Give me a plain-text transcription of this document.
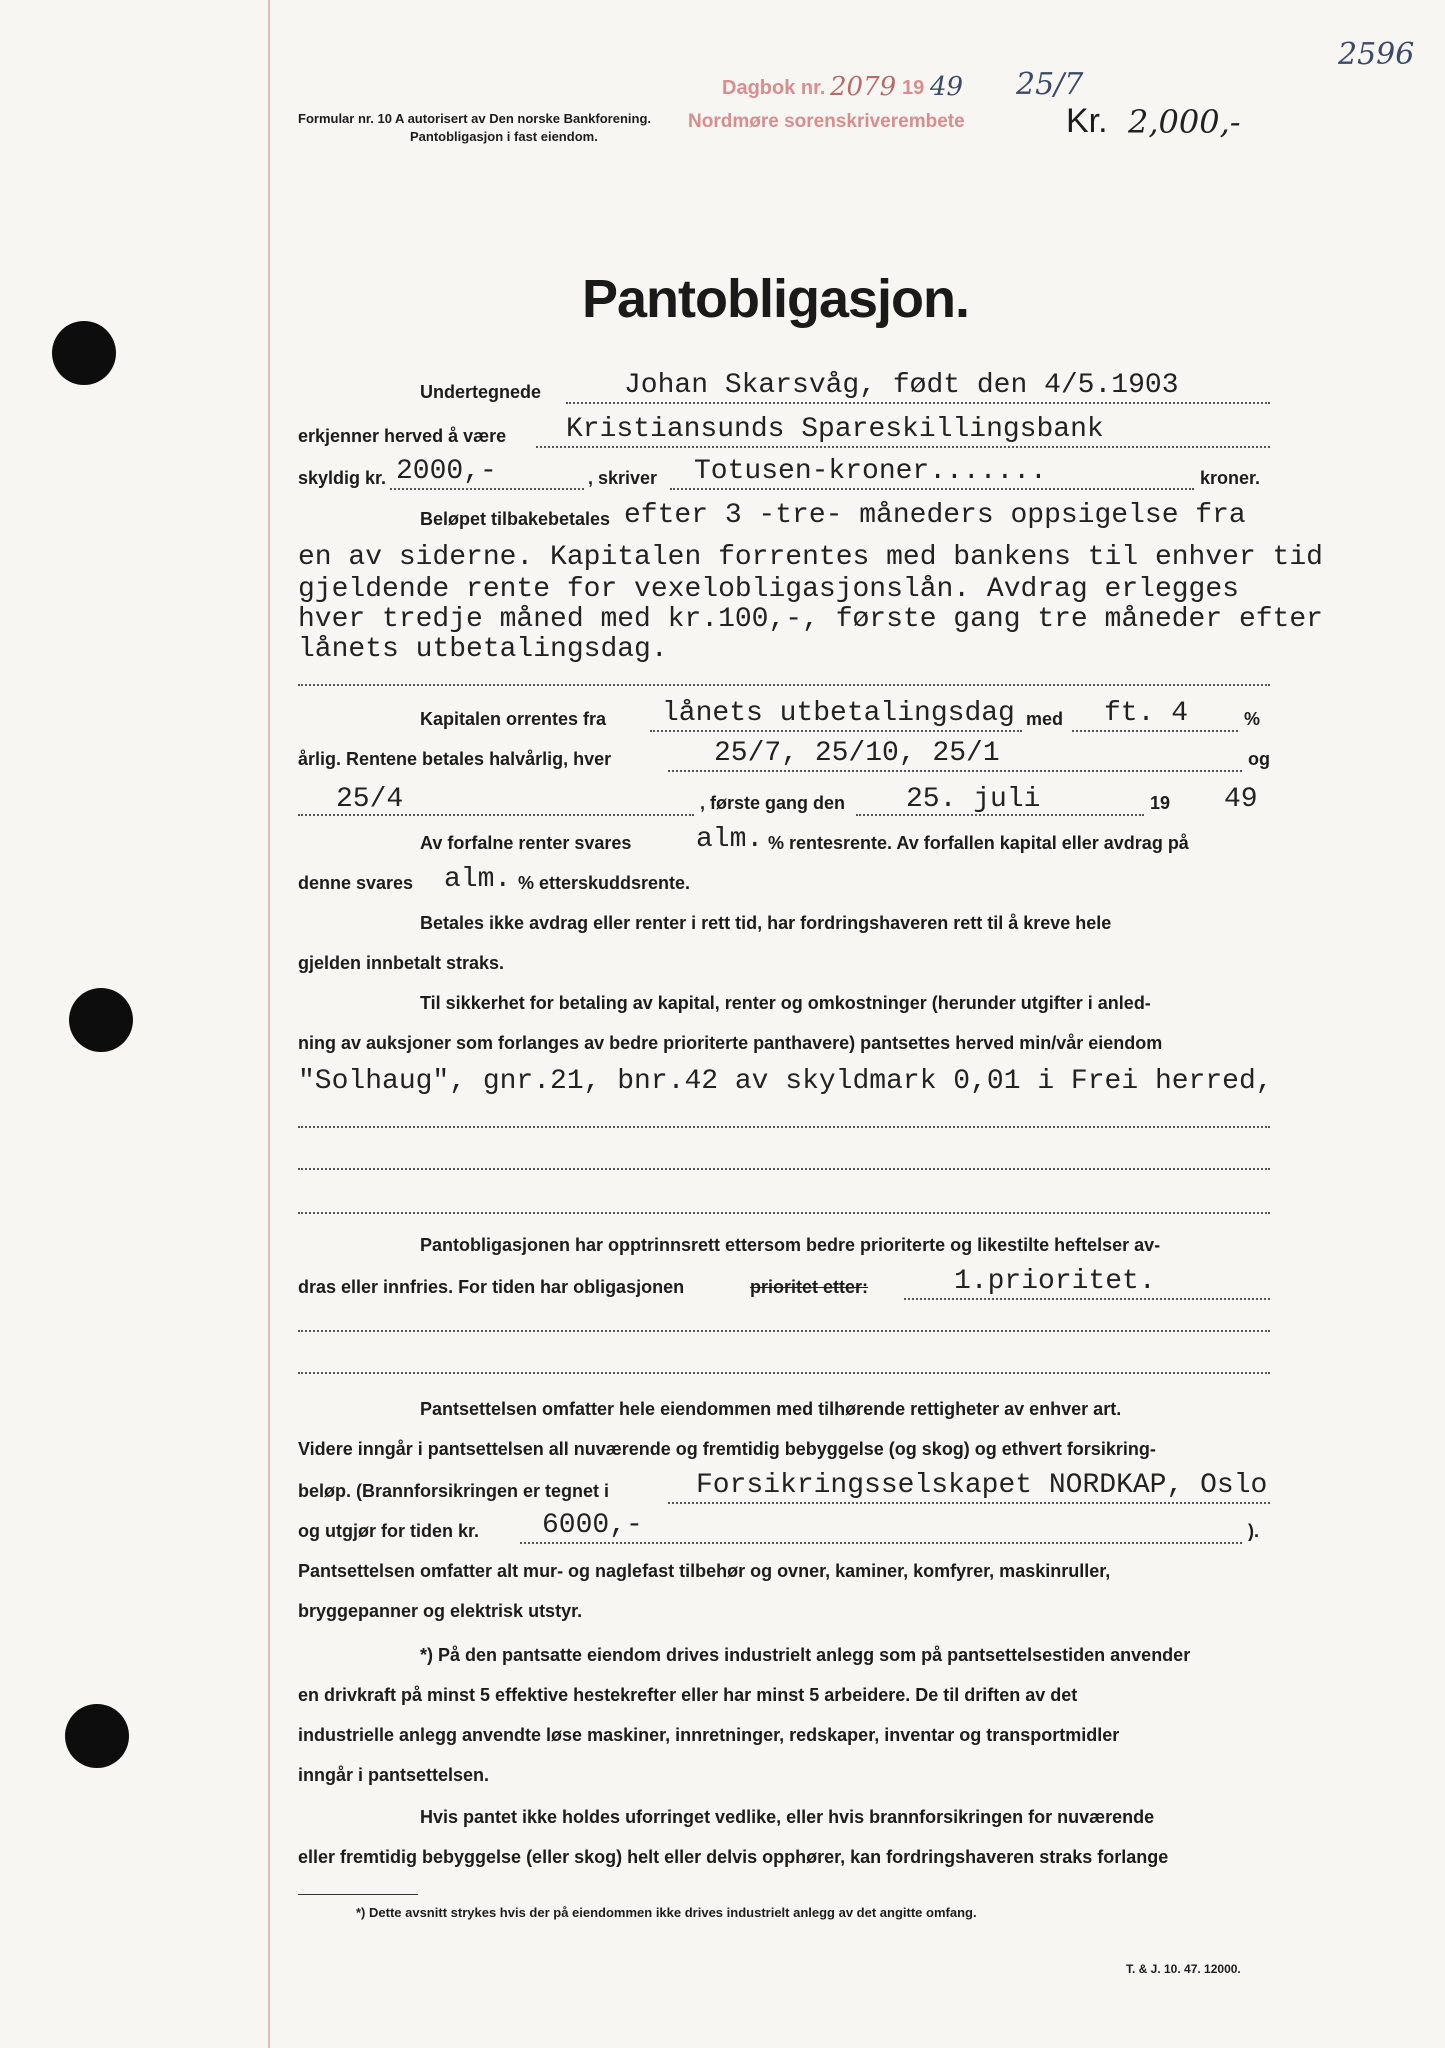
Formular nr. 10 A autorisert av Den norske Bankforening.
Pantobligasjon i fast eiendom.
Dagbok nr. 2079 19 49 25/7
Nordmøre sorenskriverembete	Kr. 2,000,-
2596
Pantobligasjon.
Undertegnede	Johan Skarsvåg, født den 4/5.1903
erkjenner herved å være Kristiansunds Spareskillingsbank
skyldig kr. 2000,-	, skriver Totusen-kroner.......	kroner.
Beløpet tilbakebetales efter 3 -tre- måneders oppsigelse fra
en av siderne. Kapitalen forrentes med bankens til enhver tid
gjeldende rente for vexelobligasjonslån. Avdrag erlegges
hver tredje måned med kr.100,-, første gang tre måneder efter
lånets utbetalingsdag.
Kapitalen orrentes fra lånets utbetalingsdag med ft. 4	%
årlig. Rentene betales halvårlig, hver	25/7, 25/10, 25/1	og
25/4	, første gang den 25. juli	19 49
Av forfalne renter svares alm. % rentesrente. Av forfallen kapital eller avdrag på
denne svares alm. % etterskuddsrente.
Betales ikke avdrag eller renter i rett tid, har fordringshaveren rett til å kreve hele
gjelden innbetalt straks.
Til sikkerhet for betaling av kapital, renter og omkostninger (herunder utgifter i anled-
ning av auksjoner som forlanges av bedre prioriterte panthavere) pantsettes herved min/vår eiendom
"Solhaug", gnr.21, bnr.42 av skyldmark 0,01 i Frei herred,
Pantobligasjonen har opptrinnsrett ettersom bedre prioriterte og likestilte heftelser av-
dras eller innfries. For tiden har obligasjonen	prioritet etter:	1.prioritet.
Pantsettelsen omfatter hele eiendommen med tilhørende rettigheter av enhver art.
Videre inngår i pantsettelsen all nuværende og fremtidig bebyggelse (og skog) og ethvert forsikring-
beløp. (Brannforsikringen er tegnet i	Forsikringsselskapet NORDKAP, Oslo
og utgjør for tiden kr. 6000,-	).
Pantsettelsen omfatter alt mur- og naglefast tilbehør og ovner, kaminer, komfyrer, maskinruller,
bryggepanner og elektrisk utstyr.
*) På den pantsatte eiendom drives industrielt anlegg som på pantsettelsestiden anvender
en drivkraft på minst 5 effektive hestekrefter eller har minst 5 arbeidere. De til driften av det
industrielle anlegg anvendte løse maskiner, innretninger, redskaper, inventar og transportmidler
inngår i pantsettelsen.
Hvis pantet ikke holdes uforringet vedlike, eller hvis brannforsikringen for nuværende
eller fremtidig bebyggelse (eller skog) helt eller delvis opphører, kan fordringshaveren straks forlange
*) Dette avsnitt strykes hvis der på eiendommen ikke drives industrielt anlegg av det angitte omfang.
T. & J. 10. 47. 12000.
